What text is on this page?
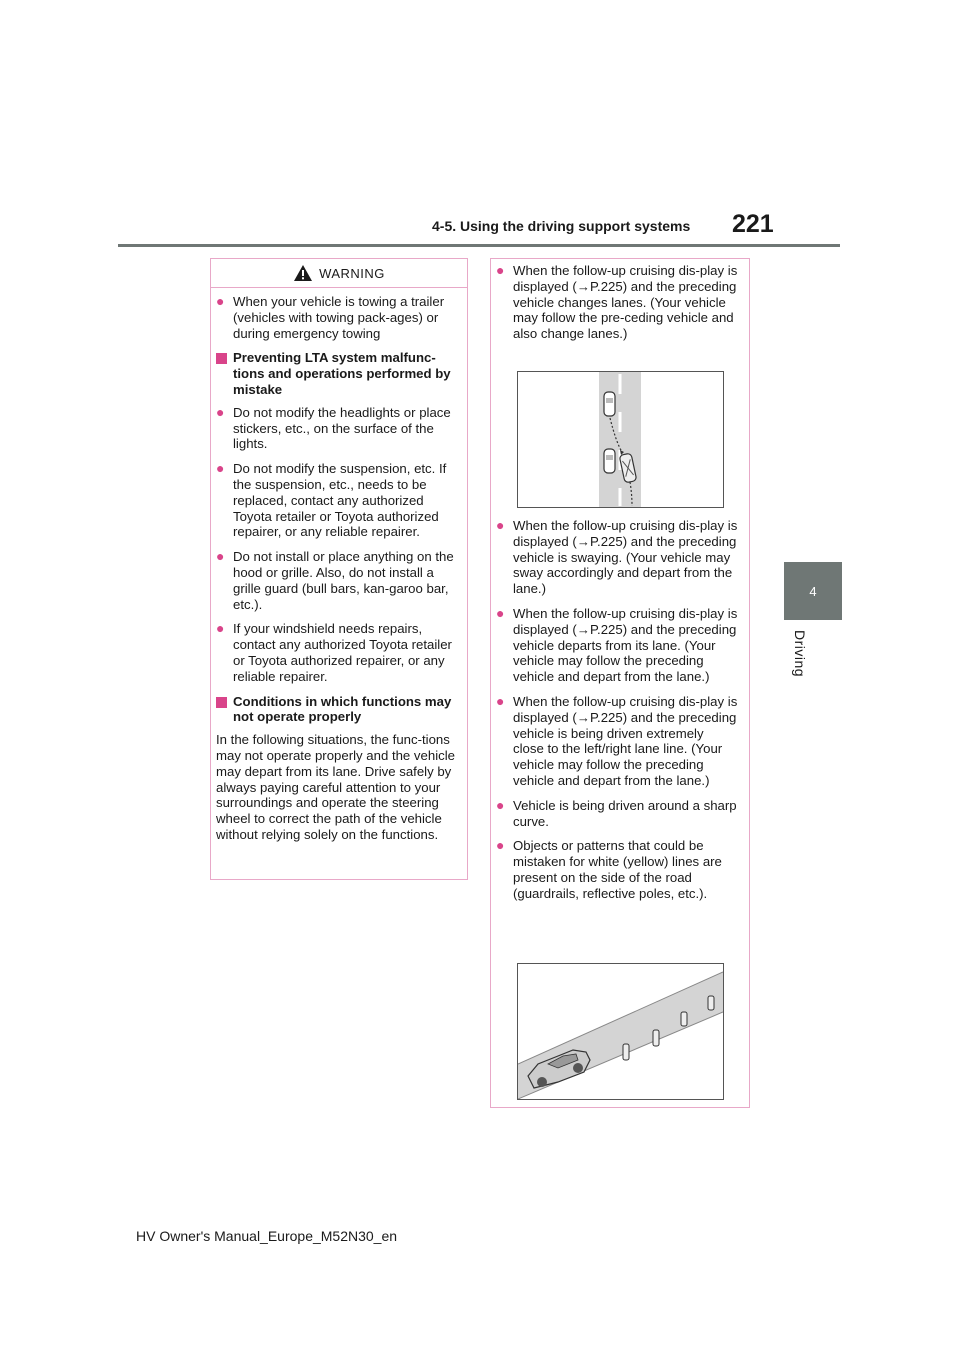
4-5. Using the driving support systems 221
4
Driving
WARNING
● When your vehicle is towing a trailer (vehicles with towing pack-ages) or during emergency towing
Preventing LTA system malfunc-tions and operations performed by mistake
● Do not modify the headlights or place stickers, etc., on the surface of the lights.
● Do not modify the suspension, etc. If the suspension, etc., needs to be replaced, contact any authorized Toyota retailer or Toyota authorized repairer, or any reliable repairer.
● Do not install or place anything on the hood or grille. Also, do not install a grille guard (bull bars, kan-garoo bar, etc.).
● If your windshield needs repairs, contact any authorized Toyota retailer or Toyota authorized repairer, or any reliable repairer.
Conditions in which functions may not operate properly
In the following situations, the func-tions may not operate properly and the vehicle may depart from its lane. Drive safely by always paying careful attention to your surroundings and operate the steering wheel to correct the path of the vehicle without relying solely on the functions.
● When the follow-up cruising dis-play is displayed (→P.225) and the preceding vehicle changes lanes. (Your vehicle may follow the pre-ceding vehicle and also change lanes.)
● When the follow-up cruising dis-play is displayed (→P.225) and the preceding vehicle is swaying. (Your vehicle may sway accordingly and depart from the lane.)
● When the follow-up cruising dis-play is displayed (→P.225) and the preceding vehicle departs from its lane. (Your vehicle may follow the preceding vehicle and depart from the lane.)
● When the follow-up cruising dis-play is displayed (→P.225) and the preceding vehicle is being driven extremely close to the left/right lane line. (Your vehicle may follow the preceding vehicle and depart from the lane.)
● Vehicle is being driven around a sharp curve.
● Objects or patterns that could be mistaken for white (yellow) lines are present on the side of the road (guardrails, reflective poles, etc.).
HV Owner's Manual_Europe_M52N30_en
